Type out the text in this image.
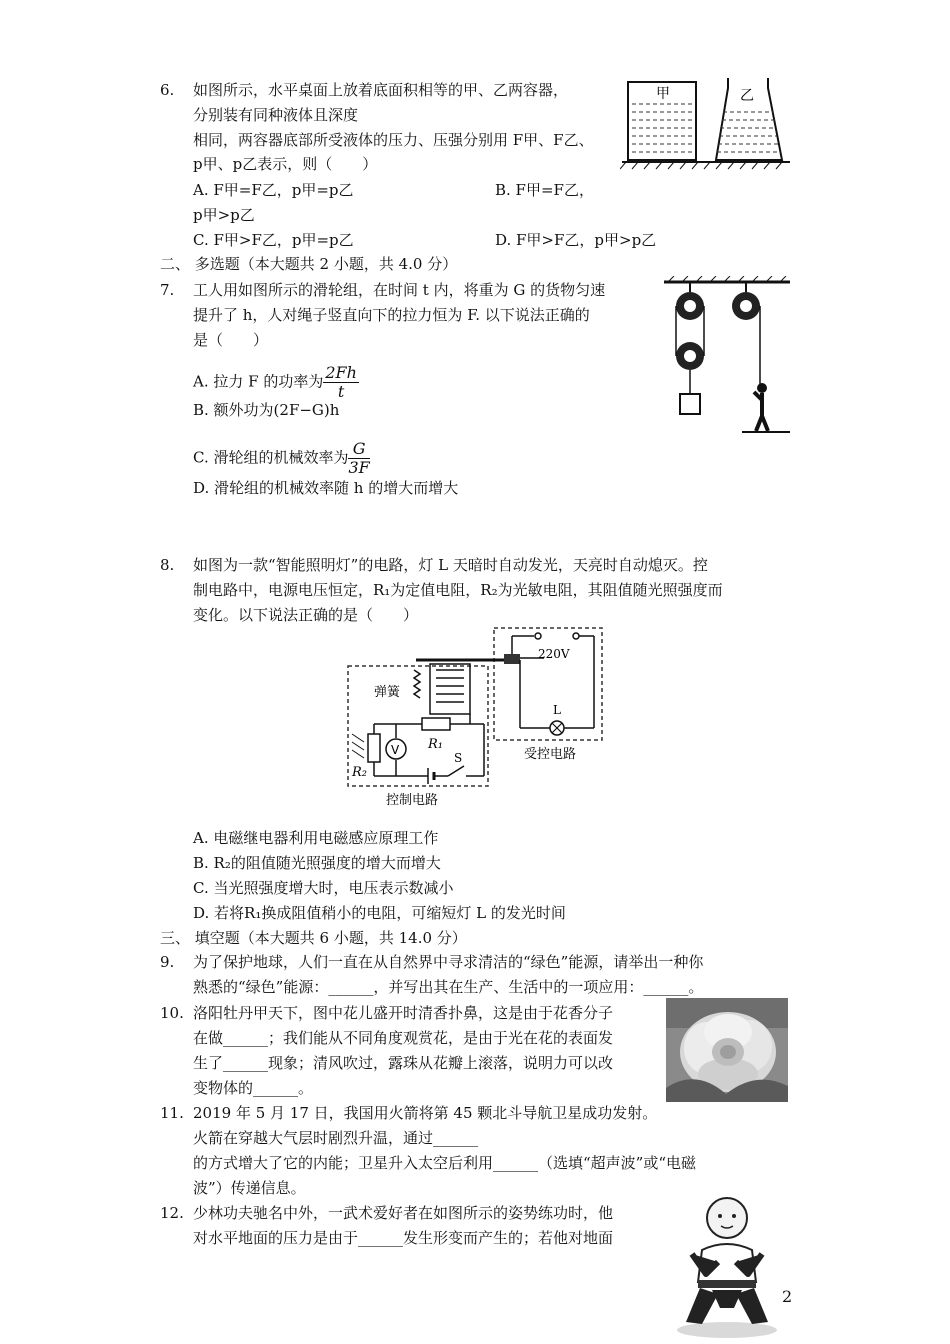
6. 如图所示，水平桌面上放着底面积相等的甲、乙两容器，
分别装有同种液体且深度
相同，两容器底部所受液体的压力、压强分别用 F甲、F乙、
p甲、p乙表示，则（　　）
A. F甲=F乙，p甲=p乙	B. F甲=F乙，
p甲>p乙
C. F甲>F乙，p甲=p乙	D. F甲>F乙，p甲>p乙
甲	乙
二、 多选题（本大题共 2 小题，共 4.0 分）
7. 工人用如图所示的滑轮组，在时间 t 内，将重为 G 的货物匀速
提升了 h，人对绳子竖直向下的拉力恒为 F. 以下说法正确的
是（　　）
A. 拉力 F 的功率为 $\frac{2Fh}{t}$
B. 额外功为(2F−G)h
C. 滑轮组的机械效率为 $\frac{G}{3F}$
D. 滑轮组的机械效率随 h 的增大而增大
8. 如图为一款“智能照明灯”的电路，灯 L 天暗时自动发光，天亮时自动熄灭。控
制电路中，电源电压恒定，R₁为定值电阻，R₂为光敏电阻，其阻值随光照强度而
变化。以下说法正确的是（　　）
220V
L
受控电路
弹簧
R₁
R₂
V
S
控制电路
A. 电磁继电器利用电磁感应原理工作
B. R₂的阻值随光照强度的增大而增大
C. 当光照强度增大时，电压表示数减小
D. 若将R₁换成阻值稍小的电阻，可缩短灯 L 的发光时间
三、 填空题（本大题共 6 小题，共 14.0 分）
9. 为了保护地球，人们一直在从自然界中寻求清洁的“绿色”能源，请举出一种你
熟悉的“绿色”能源：______，并写出其在生产、生活中的一项应用：______。
10. 洛阳牡丹甲天下，图中花儿盛开时清香扑鼻，这是由于花香分子
在做______；我们能从不同角度观赏花，是由于光在花的表面发
生了______现象；清风吹过，露珠从花瓣上滚落，说明力可以改
变物体的______。
11. 2019 年 5 月 17 日，我国用火箭将第 45 颗北斗导航卫星成功发射。
火箭在穿越大气层时剧烈升温，通过______
的方式增大了它的内能；卫星升入太空后利用______（选填“超声波”或“电磁
波”）传递信息。
12. 少林功夫驰名中外，一武术爱好者在如图所示的姿势练功时，他
对水平地面的压力是由于______发生形变而产生的；若他对地面
2
